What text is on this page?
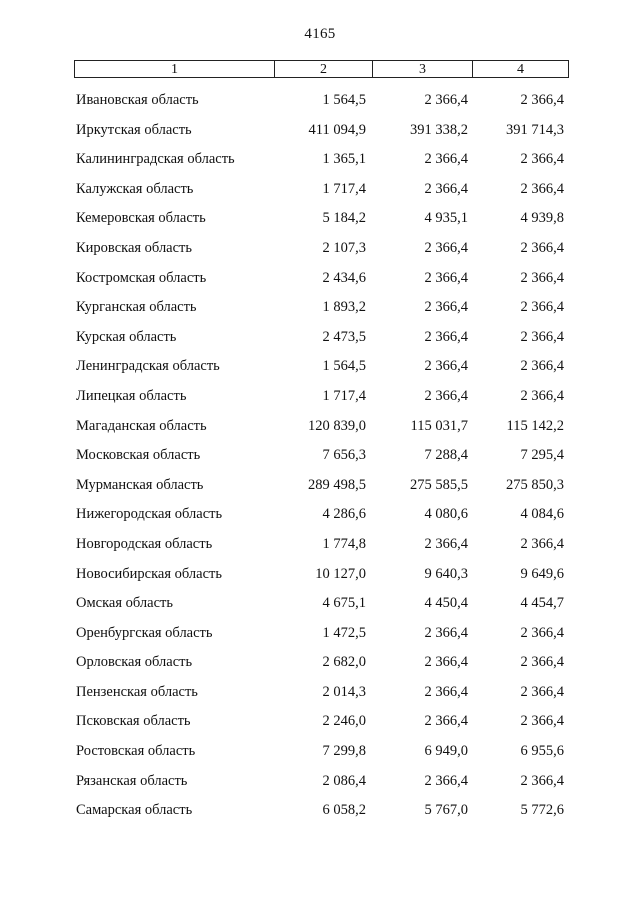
4165
1	2	3	4
Ивановская область	1 564,5	2 366,4	2 366,4
Иркутская область	411 094,9	391 338,2	391 714,3
Калининградская область	1 365,1	2 366,4	2 366,4
Калужская область	1 717,4	2 366,4	2 366,4
Кемеровская область	5 184,2	4 935,1	4 939,8
Кировская область	2 107,3	2 366,4	2 366,4
Костромская область	2 434,6	2 366,4	2 366,4
Курганская область	1 893,2	2 366,4	2 366,4
Курская область	2 473,5	2 366,4	2 366,4
Ленинградская область	1 564,5	2 366,4	2 366,4
Липецкая область	1 717,4	2 366,4	2 366,4
Магаданская область	120 839,0	115 031,7	115 142,2
Московская область	7 656,3	7 288,4	7 295,4
Мурманская область	289 498,5	275 585,5	275 850,3
Нижегородская область	4 286,6	4 080,6	4 084,6
Новгородская область	1 774,8	2 366,4	2 366,4
Новосибирская область	10 127,0	9 640,3	9 649,6
Омская область	4 675,1	4 450,4	4 454,7
Оренбургская область	1 472,5	2 366,4	2 366,4
Орловская область	2 682,0	2 366,4	2 366,4
Пензенская область	2 014,3	2 366,4	2 366,4
Псковская область	2 246,0	2 366,4	2 366,4
Ростовская область	7 299,8	6 949,0	6 955,6
Рязанская область	2 086,4	2 366,4	2 366,4
Самарская область	6 058,2	5 767,0	5 772,6
